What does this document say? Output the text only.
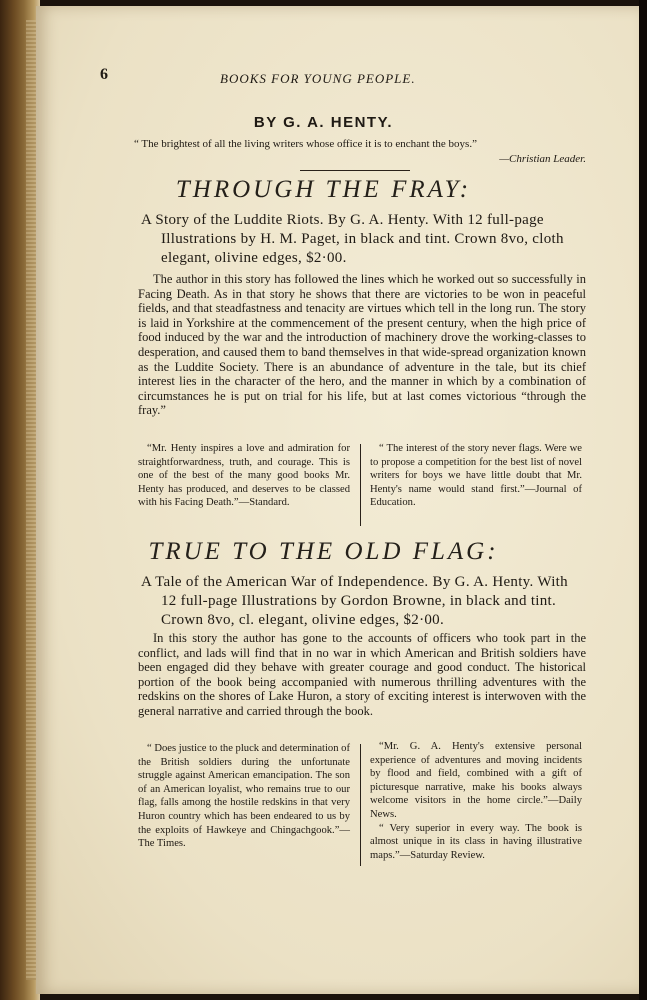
6	BOOKS FOR YOUNG PEOPLE.
BY G. A. HENTY.
“ The brightest of all the living writers whose office it is to enchant the boys.”
—Christian Leader.
THROUGH THE FRAY:
A Story of the Luddite Riots. By G. A. Henty. With 12 full-page Illustrations by H. M. Paget, in black and tint. Crown 8vo, cloth elegant, olivine edges, $2·00.
The author in this story has followed the lines which he worked out so successfully in Facing Death. As in that story he shows that there are victories to be won in peaceful fields, and that steadfastness and tenacity are virtues which tell in the long run. The story is laid in Yorkshire at the commencement of the present century, when the high price of food induced by the war and the introduction of machinery drove the working-classes to desperation, and caused them to band themselves in that wide-spread organization known as the Luddite Society. There is an abundance of adventure in the tale, but its chief interest lies in the character of the hero, and the manner in which by a combination of circumstances he is put on trial for his life, but at last comes victorious “through the fray.”
“Mr. Henty inspires a love and admiration for straightforwardness, truth, and courage. This is one of the best of the many good books Mr. Henty has produced, and deserves to be classed with his Facing Death.”—Standard.
“ The interest of the story never flags. Were we to propose a competition for the best list of novel writers for boys we have little doubt that Mr. Henty's name would stand first.”—Journal of Education.
TRUE TO THE OLD FLAG:
A Tale of the American War of Independence. By G. A. Henty. With 12 full-page Illustrations by Gordon Browne, in black and tint. Crown 8vo, cl. elegant, olivine edges, $2·00.
In this story the author has gone to the accounts of officers who took part in the conflict, and lads will find that in no war in which American and British soldiers have been engaged did they behave with greater courage and good conduct. The historical portion of the book being accompanied with numerous thrilling adventures with the redskins on the shores of Lake Huron, a story of exciting interest is interwoven with the general narrative and carried through the book.
“ Does justice to the pluck and determination of the British soldiers during the unfortunate struggle against American emancipation. The son of an American loyalist, who remains true to our flag, falls among the hostile redskins in that very Huron country which has been endeared to us by the exploits of Hawkeye and Chingachgook.”—The Times.

“Mr. G. A. Henty's extensive personal experience of adventures and moving incidents by flood and field, combined with a gift of picturesque narrative, make his books always welcome visitors in the home circle.”—Daily News.

“ Very superior in every way. The book is almost unique in its class in having illustrative maps.”—Saturday Review.
